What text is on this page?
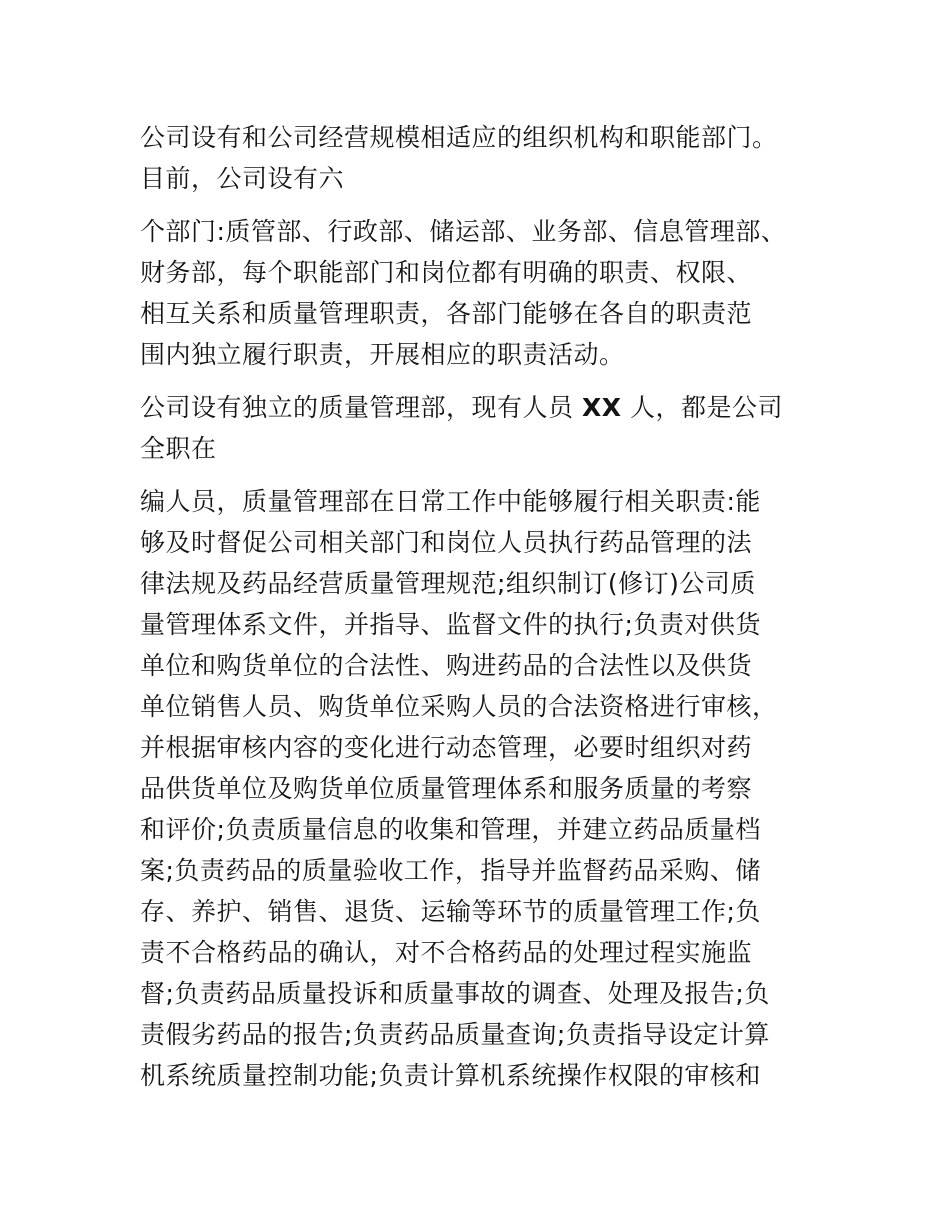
公司设有和公司经营规模相适应的组织机构和职能部门。
目前，公司设有六
个部门:质管部、行政部、储运部、业务部、信息管理部、
财务部，每个职能部门和岗位都有明确的职责、权限、
相互关系和质量管理职责，各部门能够在各自的职责范
围内独立履行职责，开展相应的职责活动。
公司设有独立的质量管理部，现有人员 XX 人，都是公司
全职在
编人员，质量管理部在日常工作中能够履行相关职责:能
够及时督促公司相关部门和岗位人员执行药品管理的法
律法规及药品经营质量管理规范;组织制订(修订)公司质
量管理体系文件，并指导、监督文件的执行;负责对供货
单位和购货单位的合法性、购进药品的合法性以及供货
单位销售人员、购货单位采购人员的合法资格进行审核，
并根据审核内容的变化进行动态管理，必要时组织对药
品供货单位及购货单位质量管理体系和服务质量的考察
和评价;负责质量信息的收集和管理，并建立药品质量档
案;负责药品的质量验收工作，指导并监督药品采购、储
存、养护、销售、退货、运输等环节的质量管理工作;负
责不合格药品的确认，对不合格药品的处理过程实施监
督;负责药品质量投诉和质量事故的调查、处理及报告;负
责假劣药品的报告;负责药品质量查询;负责指导设定计算
机系统质量控制功能;负责计算机系统操作权限的审核和
